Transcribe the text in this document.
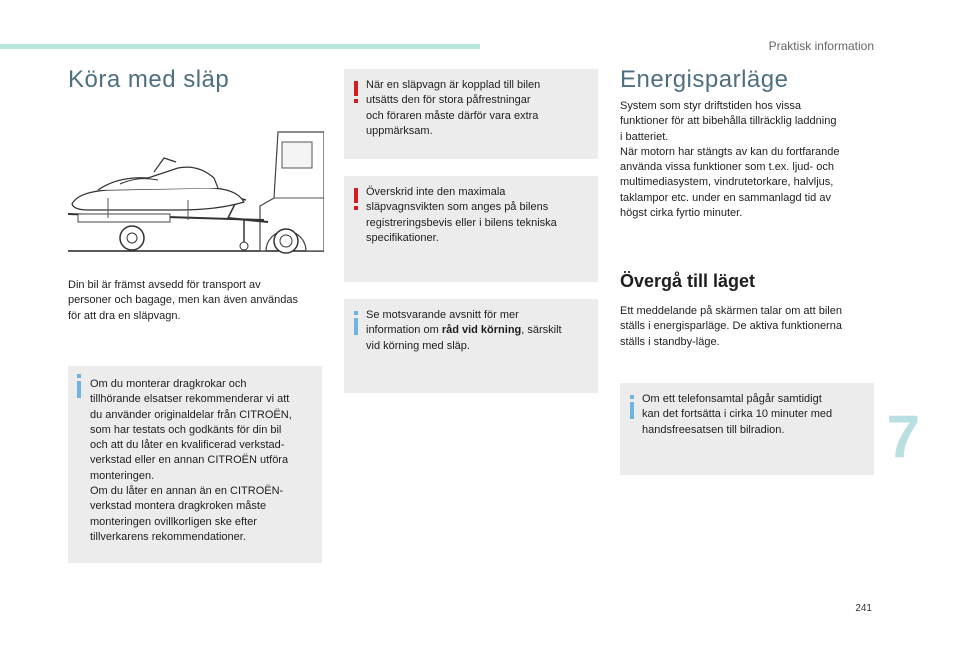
Praktisk information
7
241
Köra med släp

Din bil är främst avsedd för transport av
personer och bagage, men kan även användas
för att dra en släpvagn.

Om du monterar dragkrokar och
tillhörande elsatser rekommenderar vi att
du använder originaldelar från CITROËN,
som har testats och godkänts för din bil
och att du låter en kvalificerad verkstad-
verkstad eller en annan CITROËN utföra
monteringen.
Om du låter en annan än en CITROËN-
verkstad montera dragkroken måste
monteringen ovillkorligen ske efter
tillverkarens rekommendationer.
När en släpvagn är kopplad till bilen
utsätts den för stora påfrestningar
och föraren måste därför vara extra
uppmärksam.
Överskrid inte den maximala
släpvagnsvikten som anges på bilens
registreringsbevis eller i bilens tekniska
specifikationer.
Se motsvarande avsnitt för mer
information om råd vid körning, särskilt
vid körning med släp.
Energisparläge

System som styr driftstiden hos vissa
funktioner för att bibehålla tillräcklig laddning
i batteriet.
När motorn har stängts av kan du fortfarande
använda vissa funktioner som t.ex. ljud- och
multimediasystem, vindrutetorkare, halvljus,
taklampor etc. under en sammanlagd tid av
högst cirka fyrtio minuter.

Övergå till läget

Ett meddelande på skärmen talar om att bilen
ställs i energisparläge. De aktiva funktionerna
ställs i standby-läge.

Om ett telefonsamtal pågår samtidigt
kan det fortsätta i cirka 10 minuter med
handsfreesatsen till bilradion.
